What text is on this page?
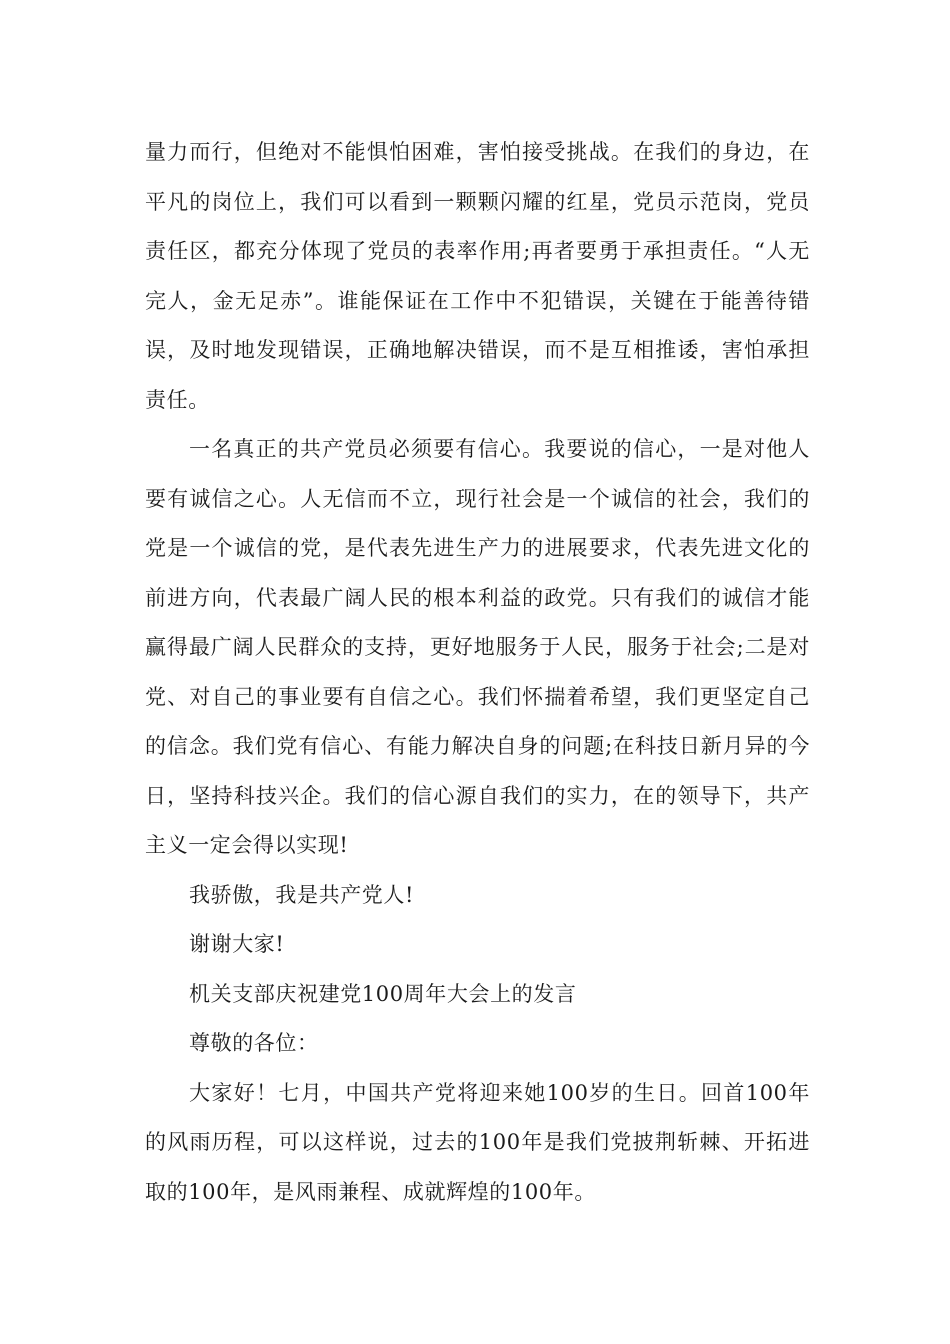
量力而行，但绝对不能惧怕困难，害怕接受挑战。在我们的身边，在平凡的岗位上，我们可以看到一颗颗闪耀的红星，党员示范岗，党员责任区，都充分体现了党员的表率作用;再者要勇于承担责任。“人无完人，金无足赤”。谁能保证在工作中不犯错误，关键在于能善待错误，及时地发现错误，正确地解决错误，而不是互相推诿，害怕承担责任。

一名真正的共产党员必须要有信心。我要说的信心，一是对他人要有诚信之心。人无信而不立，现行社会是一个诚信的社会，我们的党是一个诚信的党，是代表先进生产力的进展要求，代表先进文化的前进方向，代表最广阔人民的根本利益的政党。只有我们的诚信才能赢得最广阔人民群众的支持，更好地服务于人民，服务于社会;二是对党、对自己的事业要有自信之心。我们怀揣着希望，我们更坚定自己的信念。我们党有信心、有能力解决自身的问题;在科技日新月异的今日，坚持科技兴企。我们的信心源自我们的实力，在的领导下，共产主义一定会得以实现!

我骄傲，我是共产党人!

谢谢大家!

机关支部庆祝建党100周年大会上的发言

尊敬的各位：

大家好！七月，中国共产党将迎来她100岁的生日。回首100年的风雨历程，可以这样说，过去的100年是我们党披荆斩棘、开拓进取的100年，是风雨兼程、成就辉煌的100年。
